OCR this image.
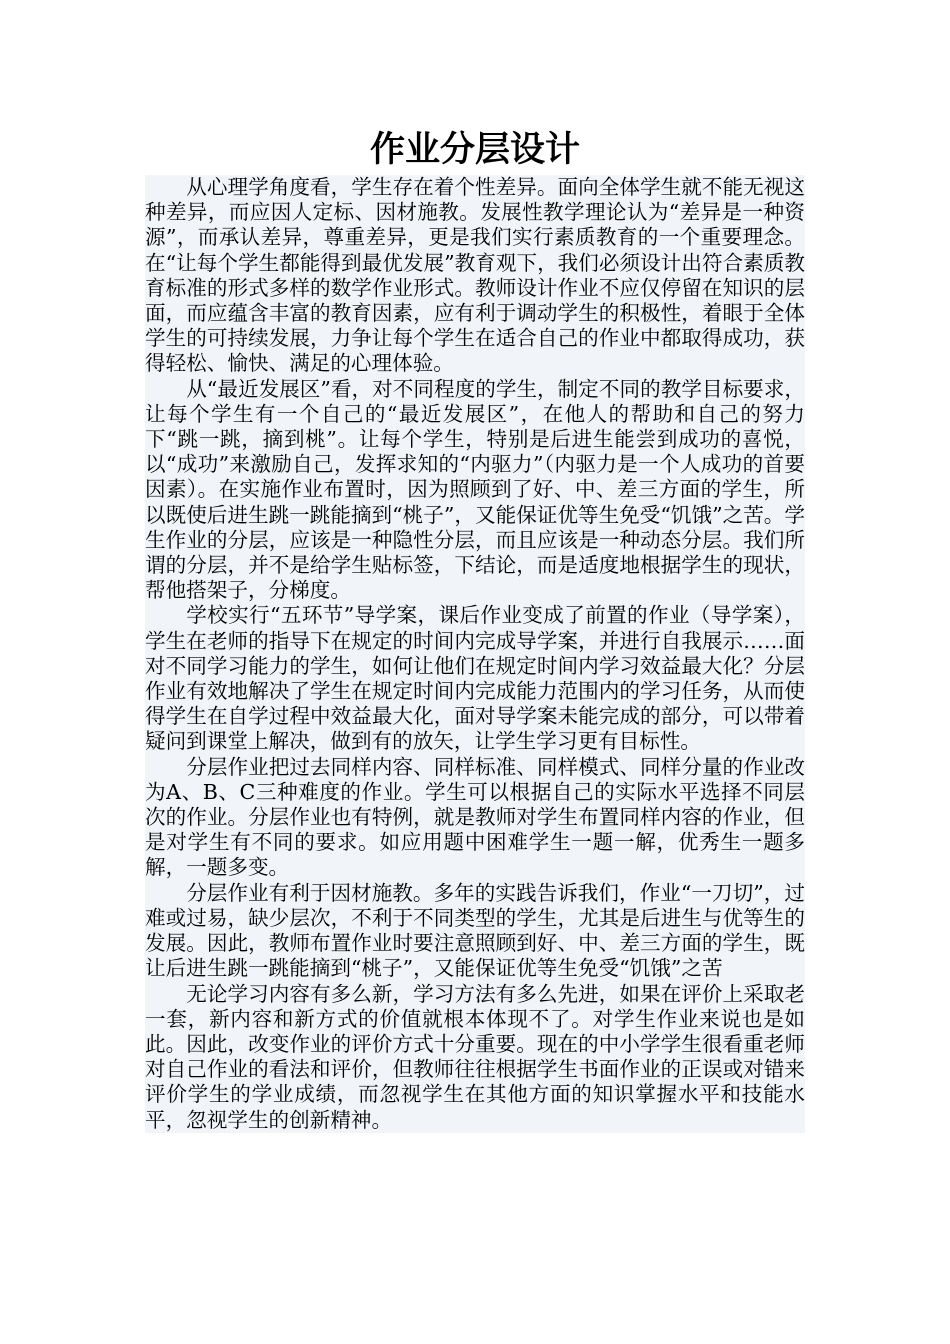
作业分层设计

从心理学角度看，学生存在着个性差异。面向全体学生就不能无视这种差异，而应因人定标、因材施教。发展性教学理论认为“差异是一种资源”，而承认差异，尊重差异，更是我们实行素质教育的一个重要理念。在“让每个学生都能得到最优发展”教育观下，我们必须设计出符合素质教育标准的形式多样的数学作业形式。教师设计作业不应仅停留在知识的层面，而应蕴含丰富的教育因素，应有利于调动学生的积极性，着眼于全体学生的可持续发展，力争让每个学生在适合自己的作业中都取得成功，获得轻松、愉快、满足的心理体验。

从“最近发展区”看，对不同程度的学生，制定不同的教学目标要求，让每个学生有一个自己的“最近发展区”，在他人的帮助和自己的努力下“跳一跳，摘到桃”。让每个学生，特别是后进生能尝到成功的喜悦，以“成功”来激励自己，发挥求知的“内驱力”（内驱力是一个人成功的首要因素）。在实施作业布置时，因为照顾到了好、中、差三方面的学生，所以既使后进生跳一跳能摘到“桃子”，又能保证优等生免受“饥饿”之苦。学生作业的分层，应该是一种隐性分层，而且应该是一种动态分层。我们所谓的分层，并不是给学生贴标签，下结论，而是适度地根据学生的现状，帮他搭架子，分梯度。

学校实行“五环节”导学案，课后作业变成了前置的作业（导学案），学生在老师的指导下在规定的时间内完成导学案，并进行自我展示……面对不同学习能力的学生，如何让他们在规定时间内学习效益最大化？分层作业有效地解决了学生在规定时间内完成能力范围内的学习任务，从而使得学生在自学过程中效益最大化，面对导学案未能完成的部分，可以带着疑问到课堂上解决，做到有的放矢，让学生学习更有目标性。

分层作业把过去同样内容、同样标准、同样模式、同样分量的作业改为A、B、C三种难度的作业。学生可以根据自己的实际水平选择不同层次的作业。分层作业也有特例，就是教师对学生布置同样内容的作业，但是对学生有不同的要求。如应用题中困难学生一题一解，优秀生一题多解，一题多变。

分层作业有利于因材施教。多年的实践告诉我们，作业“一刀切”，过难或过易，缺少层次，不利于不同类型的学生，尤其是后进生与优等生的发展。因此，教师布置作业时要注意照顾到好、中、差三方面的学生，既让后进生跳一跳能摘到“桃子”，又能保证优等生免受“饥饿”之苦

无论学习内容有多么新，学习方法有多么先进，如果在评价上采取老一套，新内容和新方式的价值就根本体现不了。对学生作业来说也是如此。因此，改变作业的评价方式十分重要。现在的中小学学生很看重老师对自己作业的看法和评价，但教师往往根据学生书面作业的正误或对错来评价学生的学业成绩，而忽视学生在其他方面的知识掌握水平和技能水平，忽视学生的创新精神。
